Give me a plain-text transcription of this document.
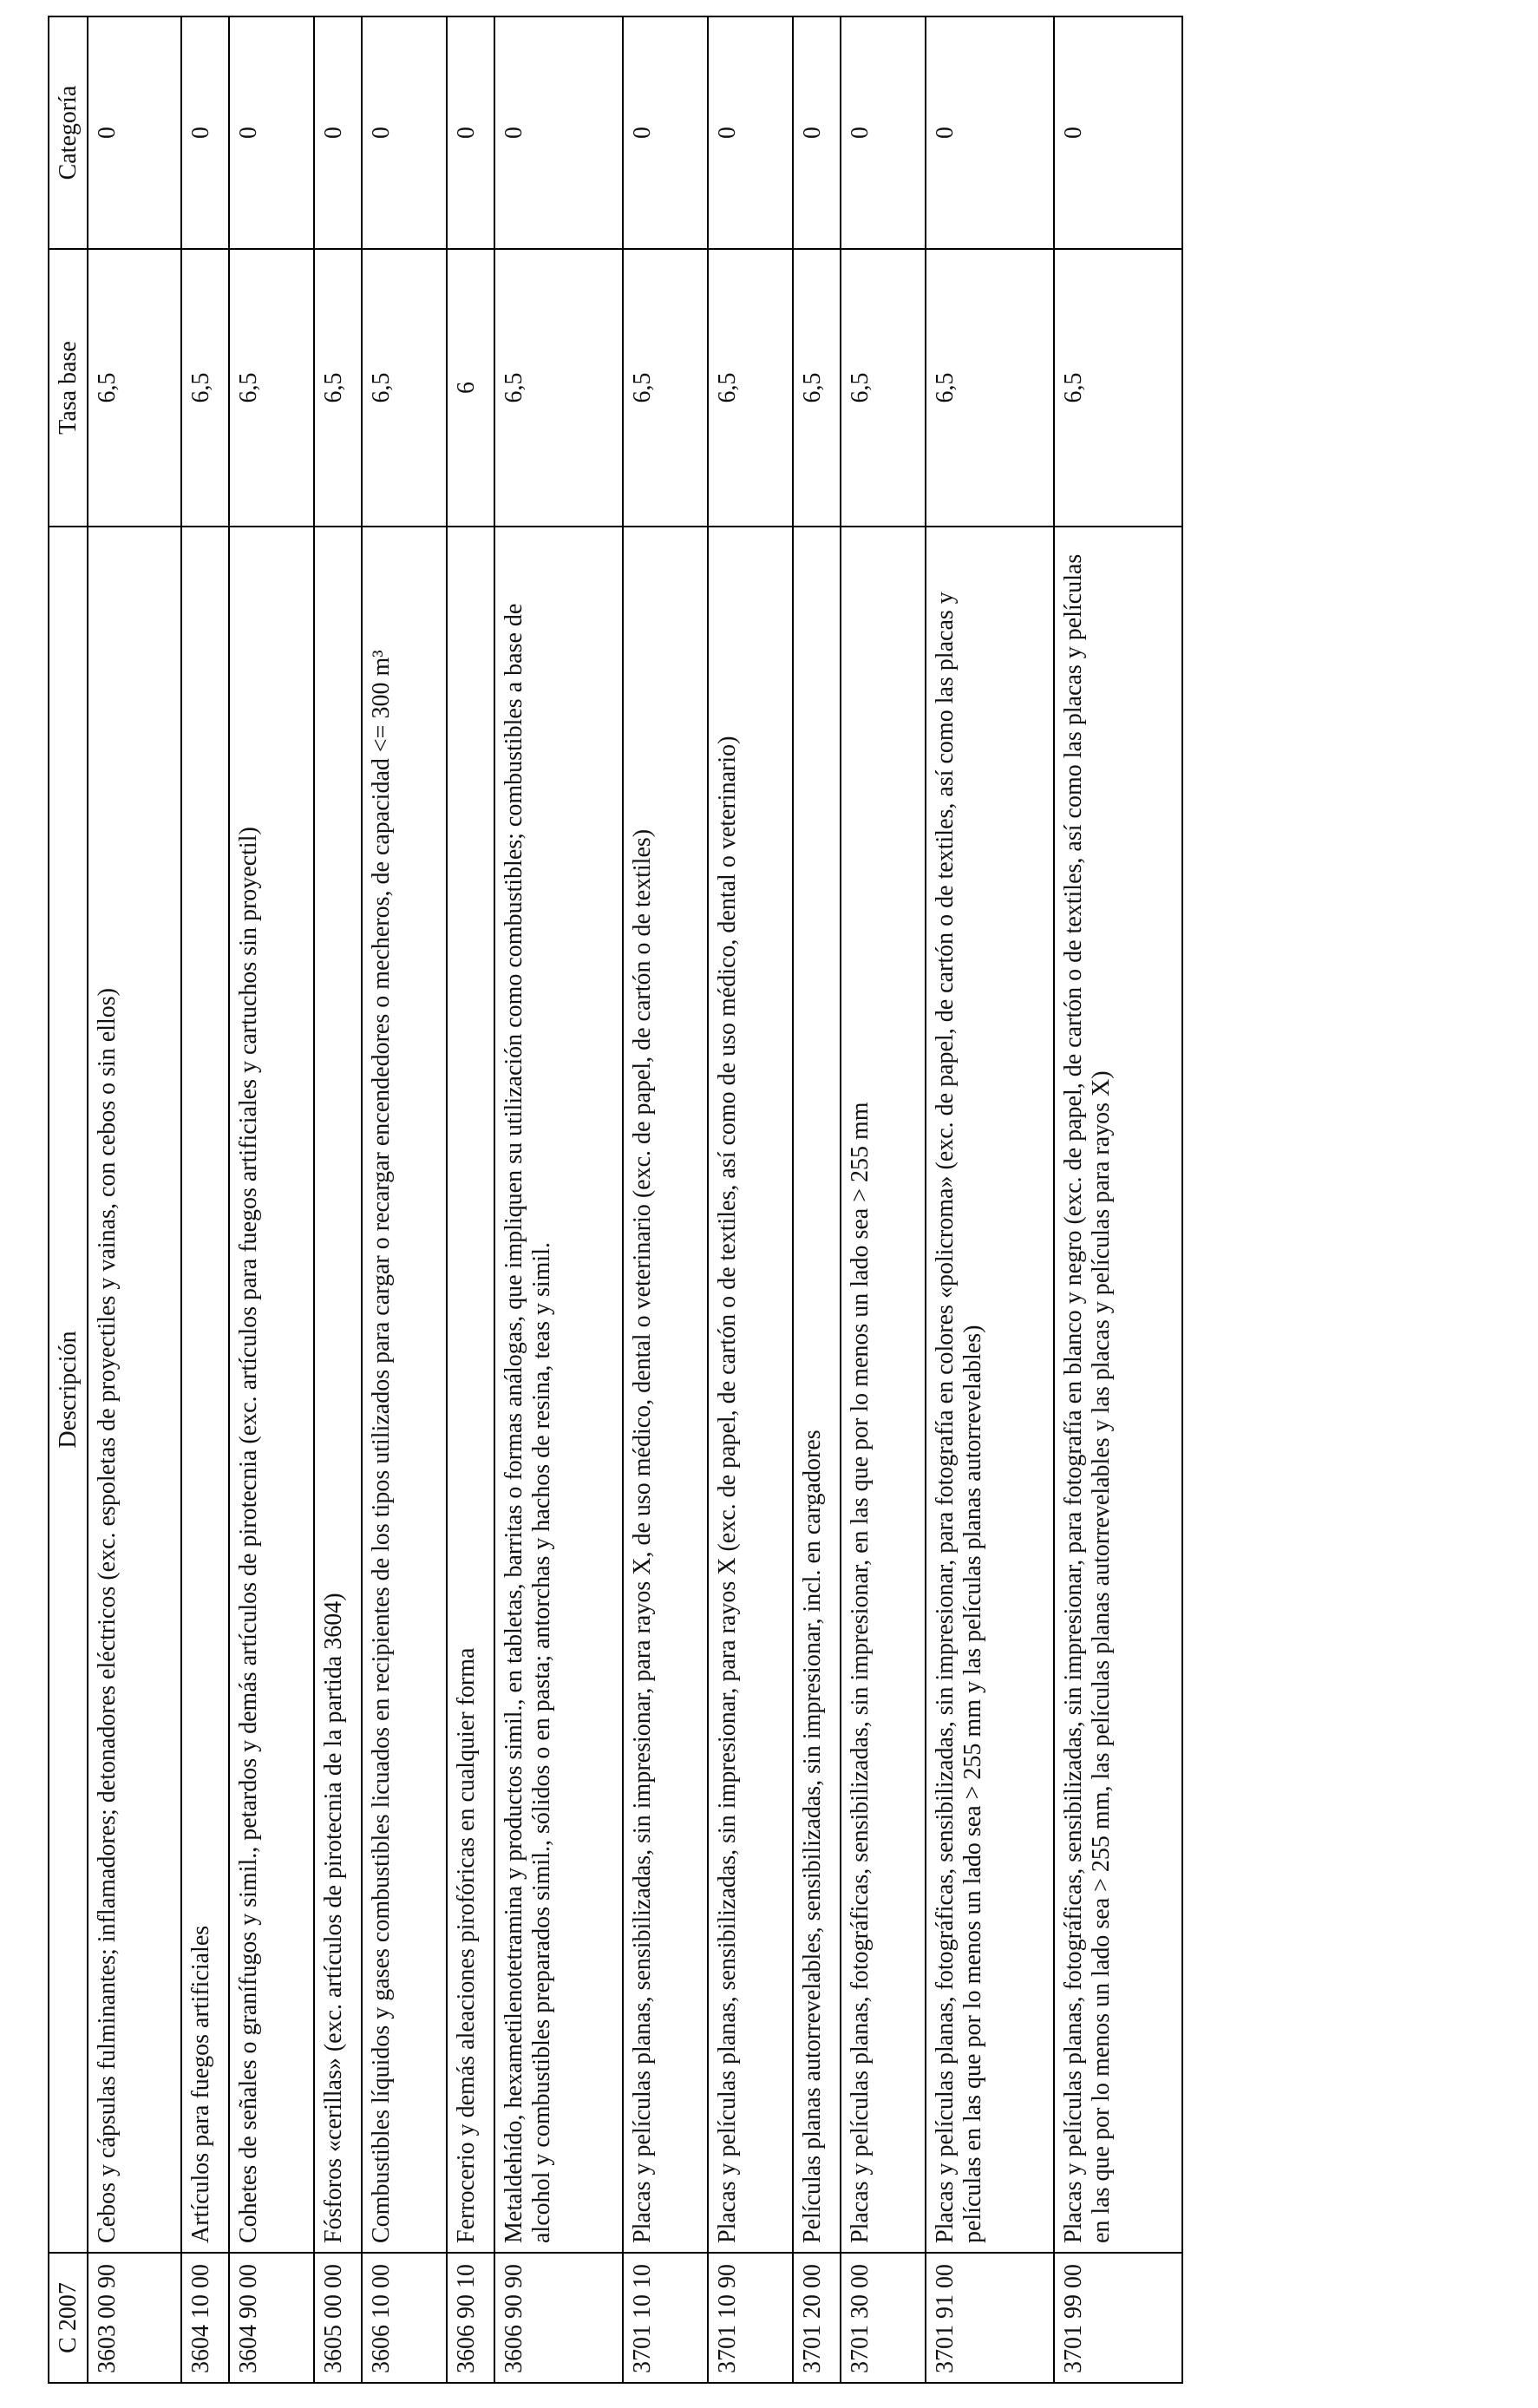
C 2007	Descripción	Tasa base	Categoría
3603 00 90	Cebos y cápsulas fulminantes; inflamadores; detonadores eléctricos (exc. espoletas de proyectiles y vainas, con cebos o sin ellos)	6,5	0
3604 10 00	Artículos para fuegos artificiales	6,5	0
3604 90 00	Cohetes de señales o granífugos y simil., petardos y demás artículos de pirotecnia (exc. artículos para fuegos artificiales y cartuchos sin proyectil)	6,5	0
3605 00 00	Fósforos «cerillas» (exc. artículos de pirotecnia de la partida 3604)	6,5	0
3606 10 00	Combustibles líquidos y gases combustibles licuados en recipientes de los tipos utilizados para cargar o recargar encendedores o mecheros, de capacidad <= 300 m³	6,5	0
3606 90 10	Ferrocerio y demás aleaciones pirofóricas en cualquier forma	6	0
3606 90 90	Metaldehído, hexametilenotetramina y productos simil., en tabletas, barritas o formas análogas, que impliquen su utilización como combustibles; combustibles a base de alcohol y combustibles preparados simil., sólidos o en pasta; antorchas y hachos de resina, teas y simil.	6,5	0
3701 10 10	Placas y películas planas, sensibilizadas, sin impresionar, para rayos X, de uso médico, dental o veterinario (exc. de papel, de cartón o de textiles)	6,5	0
3701 10 90	Placas y películas planas, sensibilizadas, sin impresionar, para rayos X (exc. de papel, de cartón o de textiles, así como de uso médico, dental o veterinario)	6,5	0
3701 20 00	Películas planas autorrevelables, sensibilizadas, sin impresionar, incl. en cargadores	6,5	0
3701 30 00	Placas y películas planas, fotográficas, sensibilizadas, sin impresionar, en las que por lo menos un lado sea > 255 mm	6,5	0
3701 91 00	Placas y películas planas, fotográficas, sensibilizadas, sin impresionar, para fotografía en colores «policroma» (exc. de papel, de cartón o de textiles, así como las placas y películas en las que por lo menos un lado sea > 255 mm y las películas planas autorrevelables)	6,5	0
3701 99 00	Placas y películas planas, fotográficas, sensibilizadas, sin impresionar, para fotografía en blanco y negro (exc. de papel, de cartón o de textiles, así como las placas y películas en las que por lo menos un lado sea > 255 mm, las películas planas autorrevelables y las placas y películas para rayos X)	6,5	0
